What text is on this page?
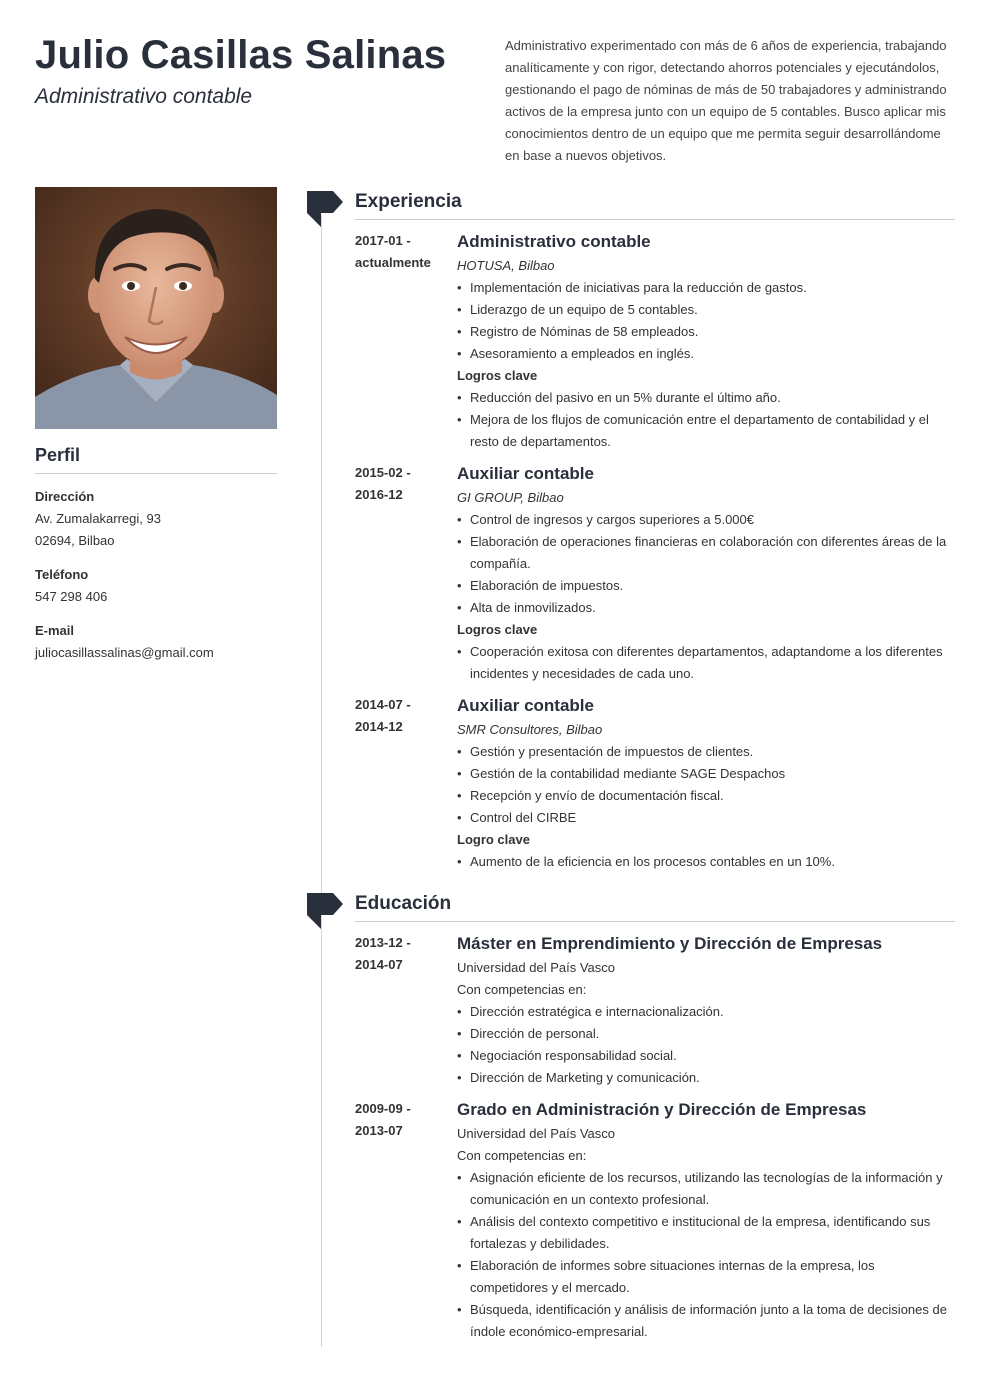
Julio Casillas Salinas
Administrativo contable
Administrativo experimentado con más de 6 años de experiencia, trabajando analíticamente y con rigor, detectando ahorros potenciales y ejecutándolos, gestionando el pago de nóminas de más de 50 trabajadores y administrando activos de la empresa junto con un equipo de 5 contables. Busco aplicar mis conocimientos dentro de un equipo que me permita seguir desarrollándome en base a nuevos objetivos.
Perfil
Dirección
Av. Zumalakarregi, 93
02694, Bilbao
Teléfono
547 298 406
E-mail
juliocasillassalinas@gmail.com
Experiencia
2017-01 -
actualmente
Administrativo contable
HOTUSA, Bilbao
• Implementación de iniciativas para la reducción de gastos.
• Liderazgo de un equipo de 5 contables.
• Registro de Nóminas de 58 empleados.
• Asesoramiento a empleados en inglés.
Logros clave
• Reducción del pasivo en un 5% durante el último año.
• Mejora de los flujos de comunicación entre el departamento de contabilidad y el resto de departamentos.
2015-02 -
2016-12
Auxiliar contable
GI GROUP, Bilbao
• Control de ingresos y cargos superiores a 5.000€
• Elaboración de operaciones financieras en colaboración con diferentes áreas de la compañía.
• Elaboración de impuestos.
• Alta de inmovilizados.
Logros clave
• Cooperación exitosa con diferentes departamentos, adaptandome a los diferentes incidentes y necesidades de cada uno.
2014-07 -
2014-12
Auxiliar contable
SMR Consultores, Bilbao
• Gestión y presentación de impuestos de clientes.
• Gestión de la contabilidad mediante SAGE Despachos
• Recepción y envío de documentación fiscal.
• Control del CIRBE
Logro clave
• Aumento de la eficiencia en los procesos contables en un 10%.
Educación
2013-12 -
2014-07
Máster en Emprendimiento y Dirección de Empresas
Universidad del País Vasco
Con competencias en:
• Dirección estratégica e internacionalización.
• Dirección de personal.
• Negociación responsabilidad social.
• Dirección de Marketing y comunicación.
2009-09 -
2013-07
Grado en Administración y Dirección de Empresas
Universidad del País Vasco
Con competencias en:
• Asignación eficiente de los recursos, utilizando las tecnologías de la información y comunicación en un contexto profesional.
• Análisis del contexto competitivo e institucional de la empresa, identificando sus fortalezas y debilidades.
• Elaboración de informes sobre situaciones internas de la empresa, los competidores y el mercado.
• Búsqueda, identificación y análisis de información junto a la toma de decisiones de índole económico-empresarial.
